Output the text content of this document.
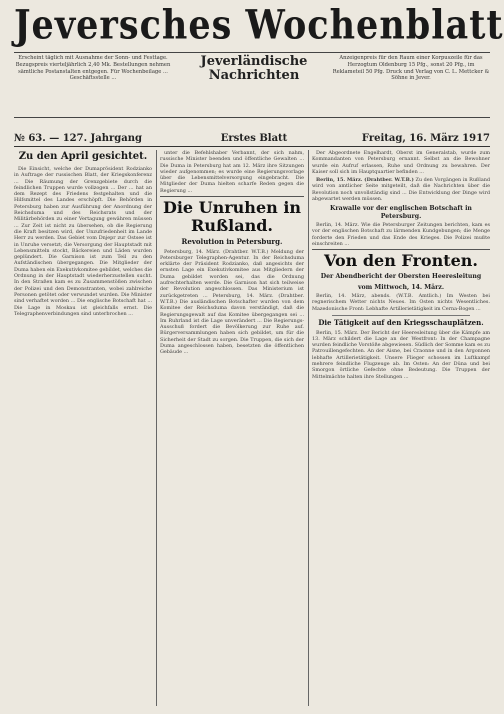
Jeversches Wochenblatt
Erscheint täglich mit Ausnahme der Sonn- und Festtage. Bezugspreis vierteljährlich 2,40 Mk. Bestellungen nehmen sämtliche Postanstalten entgegen. Für Wochenbeilage ... Geschäftsstelle ...
Jeverländische Nachrichten
Anzeigenpreis für den Raum einer Korpuszeile für das Herzogtum Oldenburg 15 Pfg., sonst 20 Pfg., im Reklameteil 50 Pfg. Druck und Verlag von C. L. Mettcker & Söhne in Jever.
№ 63. — 127. Jahrgang	Erstes Blatt	Freitag, 16. März 1917
Zu den April gesichtet.

Die Einsicht, welche der Dumaprösident Rodzianko in Auftrage der russischen Blatt, der Kriegskonferenz ... Die Räumung der Grenzgebiete durch die feindlichen Truppen wurde vollzogen ... Der ... hat an dem Rezept des Friedens festgehalten und die Hilfsmittel des Landes erschöpft. Die Behörden in Petersburg haben zur Ausführung der Anordnung der Reichsduma und des Reichsrats und der Militärbehörden zu einer Vertagung gewähren müssen ... Zur Zeit ist nicht zu übersehen, ob die Regierung die Kraft besitzen wird, der Unzufriedenheit im Lande Herr zu werden. Das Gebiet vom Dnjepr zur Ostsee ist in Unruhe versetzt; die Versorgung der Hauptstadt mit Lebensmitteln stockt, Bäckereien und Läden wurden geplündert. Die Garnison ist zum Teil zu den Aufständischen übergegangen. Die Mitglieder der Duma haben ein Exekutivkomitee gebildet, welches die Ordnung in der Hauptstadt wiederherzustellen sucht. In den Straßen kam es zu Zusammenstößen zwischen der Polizei und den Demonstranten, wobei zahlreiche Personen getötet oder verwundet wurden. Die Minister sind verhaftet worden ... Die englische Botschaft hat ... Die Lage in Moskau ist gleichfalls ernst. Die Telegraphenverbindungen sind unterbrochen ...

unter die Befehlshaber Verbannt, der sich nahm, russische Minister beenden und öffentliche Gewalten ... Die Duma in Petersburg hat am 12. März ihre Sitzungen wieder aufgenommen; es wurde eine Regierungsvorlage über die Lebensmittelversorgung eingebracht. Die Mitglieder der Duma hielten scharfe Reden gegen die Regierung ...

Die Unruhen in Rußland.
Revolution in Petersburg.

Petersburg, 14. März. (Drahtber. W.T.B.) Meldung der Petersburger Telegraphen-Agentur. In der Reichsduma erklärte der Präsident Rodzianko, daß angesichts der ernsten Lage ein Exekutivkomitee aus Mitgliedern der Duma gebildet worden sei, das die Ordnung aufrechterhalten werde. Die Garnison hat sich teilweise der Revolution angeschlossen. Das Ministerium ist zurückgetreten ... Petersburg, 14. März. (Drahtber. W.T.B.) Die ausländischen Botschafter wurden von dem Komitee der Reichsduma davon verständigt, daß die Regierungsgewalt auf das Komitee übergegangen sei ... Im Ruhrland ist die Lage unverändert ... Die Regierungs-Ausschuß fordert die Bevölkerung zur Ruhe auf. Bürgerversammlungen haben sich gebildet, um für die Sicherheit der Stadt zu sorgen. Die Truppen, die sich der Duma angeschlossen haben, besetzten die öffentlichen Gebäude ...

Der Abgeordnete Engelhardt, Oberst im Generalstab, wurde zum Kommandanten von Petersburg ernannt. Selbst an die Bewohner wurde ein Aufruf erlassen, Ruhe und Ordnung zu bewahren. Der Kaiser soll sich im Hauptquartier befinden ...

Berlin, 15. März. (Drahtber. W.T.B.) Zu den Vorgängen in Rußland wird von amtlicher Seite mitgeteilt, daß die Nachrichten über die Revolution noch unvollständig sind ... Die Entwicklung der Dinge wird abgewartet werden müssen.

Krawalle vor der englischen Botschaft in Petersburg.

Berlin, 14. März. Wie die Petersburger Zeitungen berichten, kam es vor der englischen Botschaft zu lärmenden Kundgebungen; die Menge forderte den Frieden und das Ende des Krieges. Die Polizei mußte einschreiten ...

Von den Fronten.
Der Abendbericht der Obersten Heeresleitung
vom Mittwoch, 14. März.

Berlin, 14. März, abends. (W.T.B. Amtlich.) Im Westen bei regnerischem Wetter nichts Neues. Im Osten nichts Wesentliches. Mazedonische Front: Lebhafte Artillerietätigkeit im Cerna-Bogen ...

Die Tätigkeit auf den Kriegsschauplätzen.

Berlin, 15. März. Der Bericht der Heeresleitung über die Kämpfe am 13. März schildert die Lage an der Westfront: In der Champagne wurden feindliche Vorstöße abgewiesen. Südlich der Somme kam es zu Patrouillengefechten. An der Aisne, bei Craonne und in den Argonnen lebhafte Artillerietätigkeit. Unsere Flieger schossen im Luftkampf mehrere feindliche Flugzeuge ab. Im Osten: An der Düna und bei Smorgon örtliche Gefechte ohne Bedeutung. Die Truppen der Mittelmächte halten ihre Stellungen ...
